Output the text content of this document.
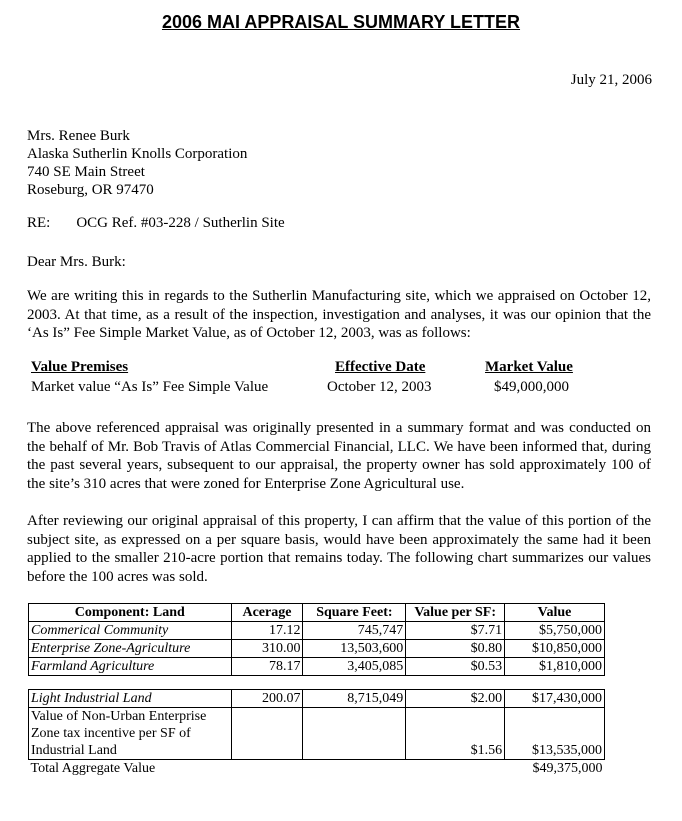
2006 MAI APPRAISAL SUMMARY LETTER
July 21, 2006
Mrs. Renee Burk
Alaska Sutherlin Knolls Corporation
740 SE Main Street
Roseburg, OR 97470
RE: OCG Ref. #03-228 / Sutherlin Site
Dear Mrs. Burk:

We are writing this in regards to the Sutherlin Manufacturing site, which we appraised on October 12, 2003. At that time, as a result of the inspection, investigation and analyses, it was our opinion that the ‘As Is” Fee Simple Market Value, as of October 12, 2003, was as follows:

Value Premises	Effective Date	Market Value
Market value “As Is” Fee Simple Value	October 12, 2003	$49,000,000

The above referenced appraisal was originally presented in a summary format and was conducted on the behalf of Mr. Bob Travis of Atlas Commercial Financial, LLC. We have been informed that, during the past several years, subsequent to our appraisal, the property owner has sold approximately 100 of the site’s 310 acres that were zoned for Enterprise Zone Agricultural use.

After reviewing our original appraisal of this property, I can affirm that the value of this portion of the subject site, as expressed on a per square basis, would have been approximately the same had it been applied to the smaller 210-acre portion that remains today. The following chart summarizes our values before the 100 acres was sold.

Component: Land	Acerage	Square Feet:	Value per SF:	Value
Commerical Community	17.12	745,747	$7.71	$5,750,000
Enterprise Zone-Agriculture	310.00	13,503,600	$0.80	$10,850,000
Farmland Agriculture	78.17	3,405,085	$0.53	$1,810,000

Light Industrial Land	200.07	8,715,049	$2.00	$17,430,000

Value of Non-Urban Enterprise
Zone tax incentive per SF of
Industrial Land			$1.56	$13,535,000
Total Aggregate Value				$49,375,000
